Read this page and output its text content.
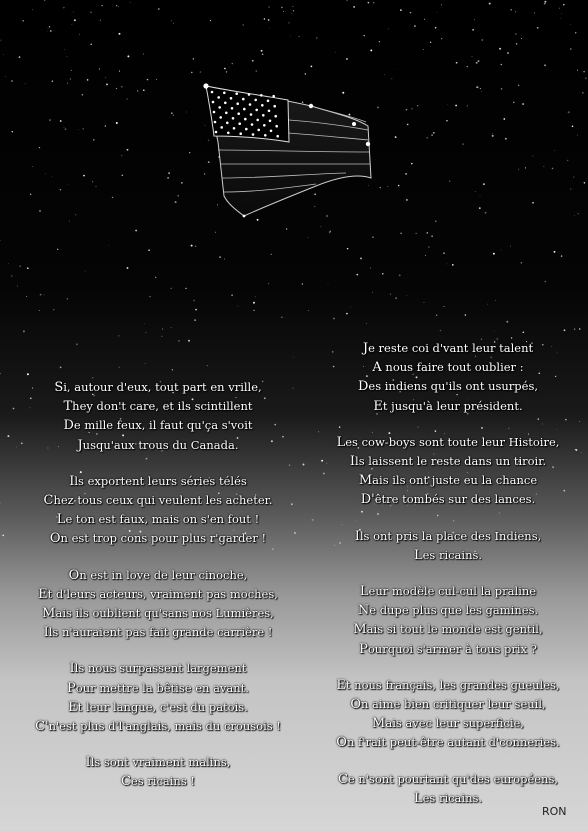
Si, autour d'eux, tout part en vrille,
They don't care, et ils scintillent
De mille feux, il faut qu'ça s'voit
Jusqu'aux trous du Canada.
Ils exportent leurs séries télés
Chez tous ceux qui veulent les acheter.
Le ton est faux, mais on s'en fout !
On est trop cons pour plus r'garder !
On est in love de leur cinoche,
Et d'leurs acteurs, vraiment pas moches,
Mais ils oublient qu'sans nos Lumières,
Ils n'auraient pas fait grande carrière !
Ils nous surpassent largement
Pour mettre la bêtise en avant.
Et leur langue, c'est du patois.
C'n'est plus d'l'anglais, mais du crousois !
Ils sont vraiment malins,
Ces ricains !
Je reste coi d'vant leur talent
A nous faire tout oublier :
Des indiens qu'ils ont usurpés,
Et jusqu'à leur président.
Les cow-boys sont toute leur Histoire,
Ils laissent le reste dans un tiroir.
Mais ils ont juste eu la chance
D'être tombés sur des lances.
Ils ont pris la place des Indiens,
Les ricains.
Leur modèle cul-cul la praline
Ne dupe plus que les gamines.
Mais si tout le monde est gentil,
Pourquoi s'armer à tous prix ?
Et nous français, les grandes gueules,
On aime bien critiquer leur seuil,
Mais avec leur superficie,
On f'rait peut-être autant d'conneries.
Ce n'sont pourtant qu'des européens,
Les ricains.
RON
